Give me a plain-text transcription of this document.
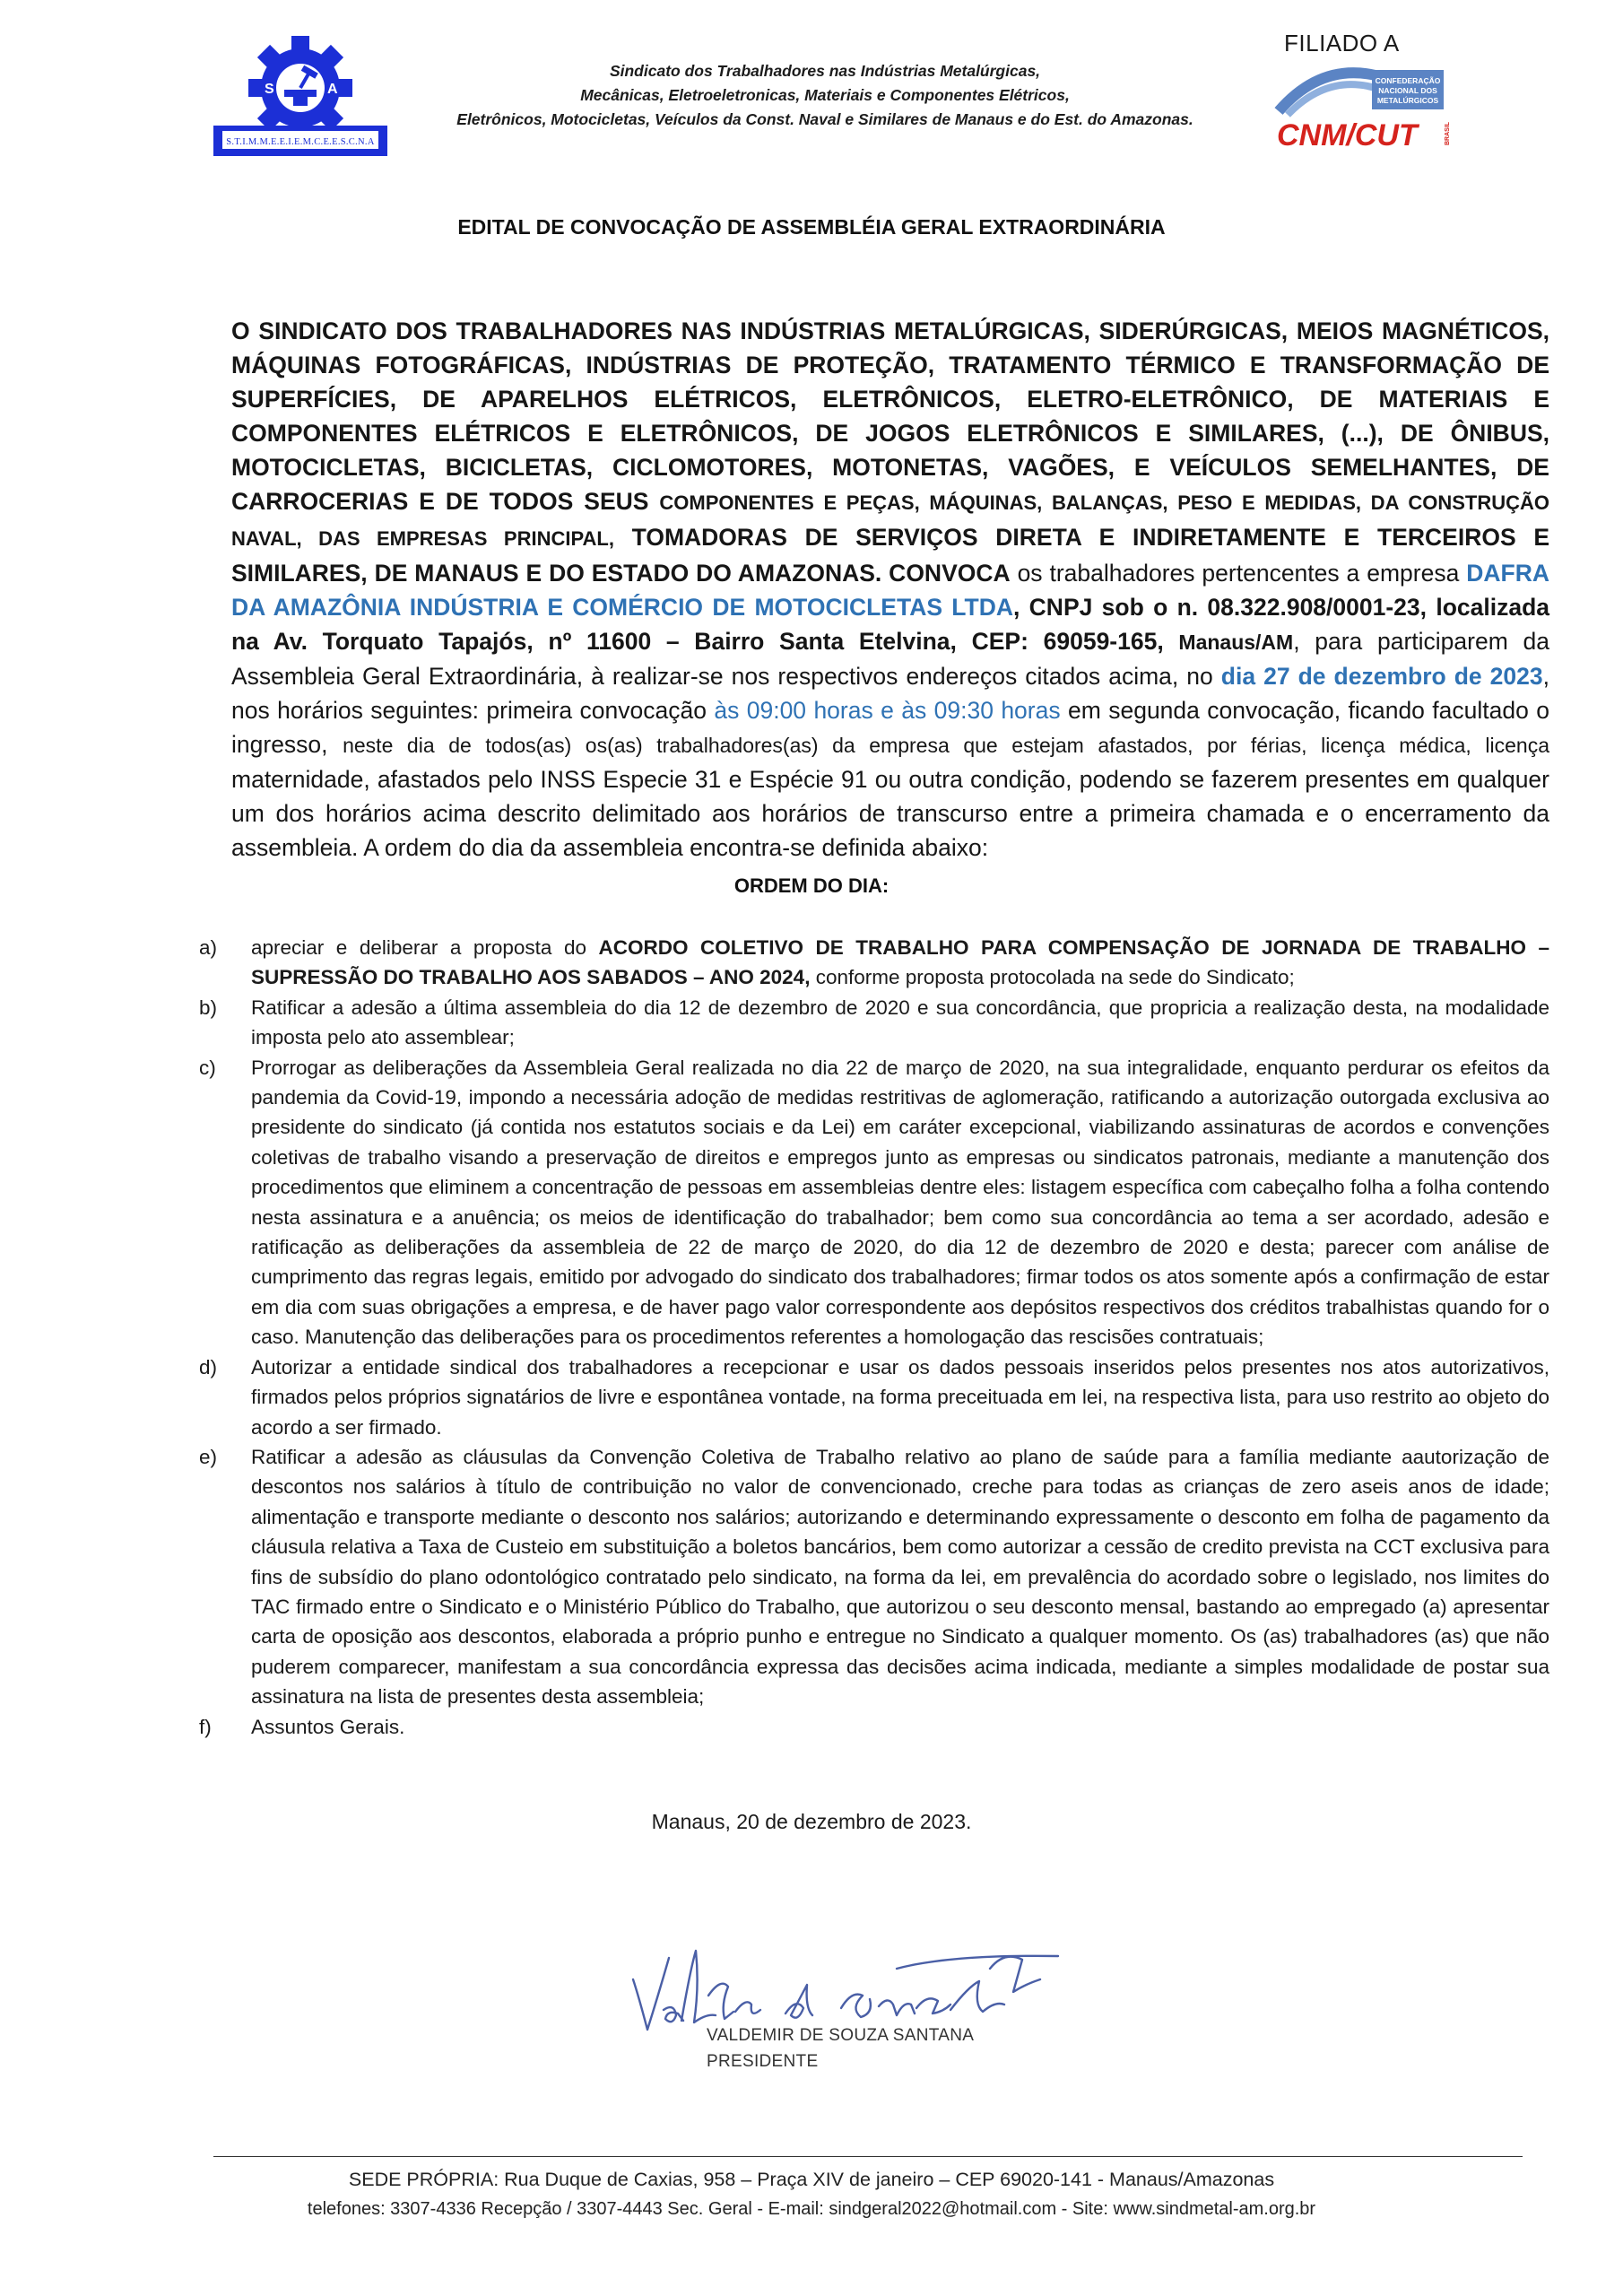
S	A
S.T.I.M.M.E.E.I.E.M.C.E.E.S.C.N.A
Sindicato dos Trabalhadores nas Indústrias Metalúrgicas,
Mecânicas, Eletroeletronicas, Materiais e Componentes Elétricos,
Eletrônicos, Motocicletas, Veículos da Const. Naval e Similares de Manaus e do Est. do Amazonas.
FILIADO A
CONFEDERAÇÃO
NACIONAL DOS
METALÚRGICOS
CNM/CUT	BRASIL
EDITAL DE CONVOCAÇÃO DE ASSEMBLÉIA GERAL EXTRAORDINÁRIA
O SINDICATO DOS TRABALHADORES NAS INDÚSTRIAS METALÚRGICAS, SIDERÚRGICAS, MEIOS MAGNÉTICOS, MÁQUINAS FOTOGRÁFICAS, INDÚSTRIAS DE PROTEÇÃO, TRATAMENTO TÉRMICO E TRANSFORMAÇÃO DE SUPERFÍCIES, DE APARELHOS ELÉTRICOS, ELETRÔNICOS, ELETRO-ELETRÔNICO, DE MATERIAIS E COMPONENTES ELÉTRICOS E ELETRÔNICOS, DE JOGOS ELETRÔNICOS E SIMILARES, (...), DE ÔNIBUS, MOTOCICLETAS, BICICLETAS, CICLOMOTORES, MOTONETAS, VAGÕES, E VEÍCULOS SEMELHANTES, DE CARROCERIAS E DE TODOS SEUS COMPONENTES E PEÇAS, MÁQUINAS, BALANÇAS, PESO E MEDIDAS, DA CONSTRUÇÃO NAVAL, DAS EMPRESAS PRINCIPAL, TOMADORAS DE SERVIÇOS DIRETA E INDIRETAMENTE E TERCEIROS E SIMILARES, DE MANAUS E DO ESTADO DO AMAZONAS. CONVOCA os trabalhadores pertencentes a empresa DAFRA DA AMAZÔNIA INDÚSTRIA E COMÉRCIO DE MOTOCICLETAS LTDA, CNPJ sob o n. 08.322.908/0001-23, localizada na Av. Torquato Tapajós, nº 11600 – Bairro Santa Etelvina, CEP: 69059-165, Manaus/AM, para participarem da Assembleia Geral Extraordinária, à realizar-se nos respectivos endereços citados acima, no dia 27 de dezembro de 2023, nos horários seguintes: primeira convocação às 09:00 horas e às 09:30 horas em segunda convocação, ficando facultado o ingresso, neste dia de todos(as) os(as) trabalhadores(as) da empresa que estejam afastados, por férias, licença médica, licença maternidade, afastados pelo INSS Especie 31 e Espécie 91 ou outra condição, podendo se fazerem presentes em qualquer um dos horários acima descrito delimitado aos horários de transcurso entre a primeira chamada e o encerramento da assembleia. A ordem do dia da assembleia encontra-se definida abaixo:
ORDEM DO DIA:
a)	apreciar e deliberar a proposta do ACORDO COLETIVO DE TRABALHO PARA COMPENSAÇÃO DE JORNADA DE TRABALHO – SUPRESSÃO DO TRABALHO AOS SABADOS – ANO 2024, conforme proposta protocolada na sede do Sindicato;
b)	Ratificar a adesão a última assembleia do dia 12 de dezembro de 2020 e sua concordância, que propricia a realização desta, na modalidade imposta pelo ato assemblear;
c)	Prorrogar as deliberações da Assembleia Geral realizada no dia 22 de março de 2020, na sua integralidade, enquanto perdurar os efeitos da pandemia da Covid-19, impondo a necessária adoção de medidas restritivas de aglomeração, ratificando a autorização outorgada exclusiva ao presidente do sindicato (já contida nos estatutos sociais e da Lei) em caráter excepcional, viabilizando assinaturas de acordos e convenções coletivas de trabalho visando a preservação de direitos e empregos junto as empresas ou sindicatos patronais, mediante a manutenção dos procedimentos que eliminem a concentração de pessoas em assembleias dentre eles: listagem específica com cabeçalho folha a folha contendo nesta assinatura e a anuência; os meios de identificação do trabalhador; bem como sua concordância ao tema a ser acordado, adesão e ratificação as deliberações da assembleia de 22 de março de 2020, do dia 12 de dezembro de 2020 e desta; parecer com análise de cumprimento das regras legais, emitido por advogado do sindicato dos trabalhadores; firmar todos os atos somente após a confirmação de estar em dia com suas obrigações a empresa, e de haver pago valor correspondente aos depósitos respectivos dos créditos trabalhistas quando for o caso. Manutenção das deliberações para os procedimentos referentes a homologação das rescisões contratuais;
d)	Autorizar a entidade sindical dos trabalhadores a recepcionar e usar os dados pessoais inseridos pelos presentes nos atos autorizativos, firmados pelos próprios signatários de livre e espontânea vontade, na forma preceituada em lei, na respectiva lista, para uso restrito ao objeto do acordo a ser firmado.
e)	Ratificar a adesão as cláusulas da Convenção Coletiva de Trabalho relativo ao plano de saúde para a família mediante aautorização de descontos nos salários à título de contribuição no valor de convencionado, creche para todas as crianças de zero aseis anos de idade; alimentação e transporte mediante o desconto nos salários; autorizando e determinando expressamente o desconto em folha de pagamento da cláusula relativa a Taxa de Custeio em substituição a boletos bancários, bem como autorizar a cessão de credito prevista na CCT exclusiva para fins de subsídio do plano odontológico contratado pelo sindicato, na forma da lei, em prevalência do acordado sobre o legislado, nos limites do TAC firmado entre o Sindicato e o Ministério Público do Trabalho, que autorizou o seu desconto mensal, bastando ao empregado (a) apresentar carta de oposição aos descontos, elaborada a próprio punho e entregue no Sindicato a qualquer momento. Os (as) trabalhadores (as) que não puderem comparecer, manifestam a sua concordância expressa das decisões acima indicada, mediante a simples modalidade de postar sua assinatura na lista de presentes desta assembleia;
f)	Assuntos Gerais.
Manaus, 20 de dezembro de 2023.
Valdemir de Souza Santana
VALDEMIR DE SOUZA SANTANA
PRESIDENTE
SEDE PRÓPRIA: Rua Duque de Caxias, 958 – Praça XIV de janeiro – CEP 69020-141 - Manaus/Amazonas
telefones: 3307-4336 Recepção / 3307-4443 Sec. Geral - E-mail: sindgeral2022@hotmail.com - Site: www.sindmetal-am.org.br
